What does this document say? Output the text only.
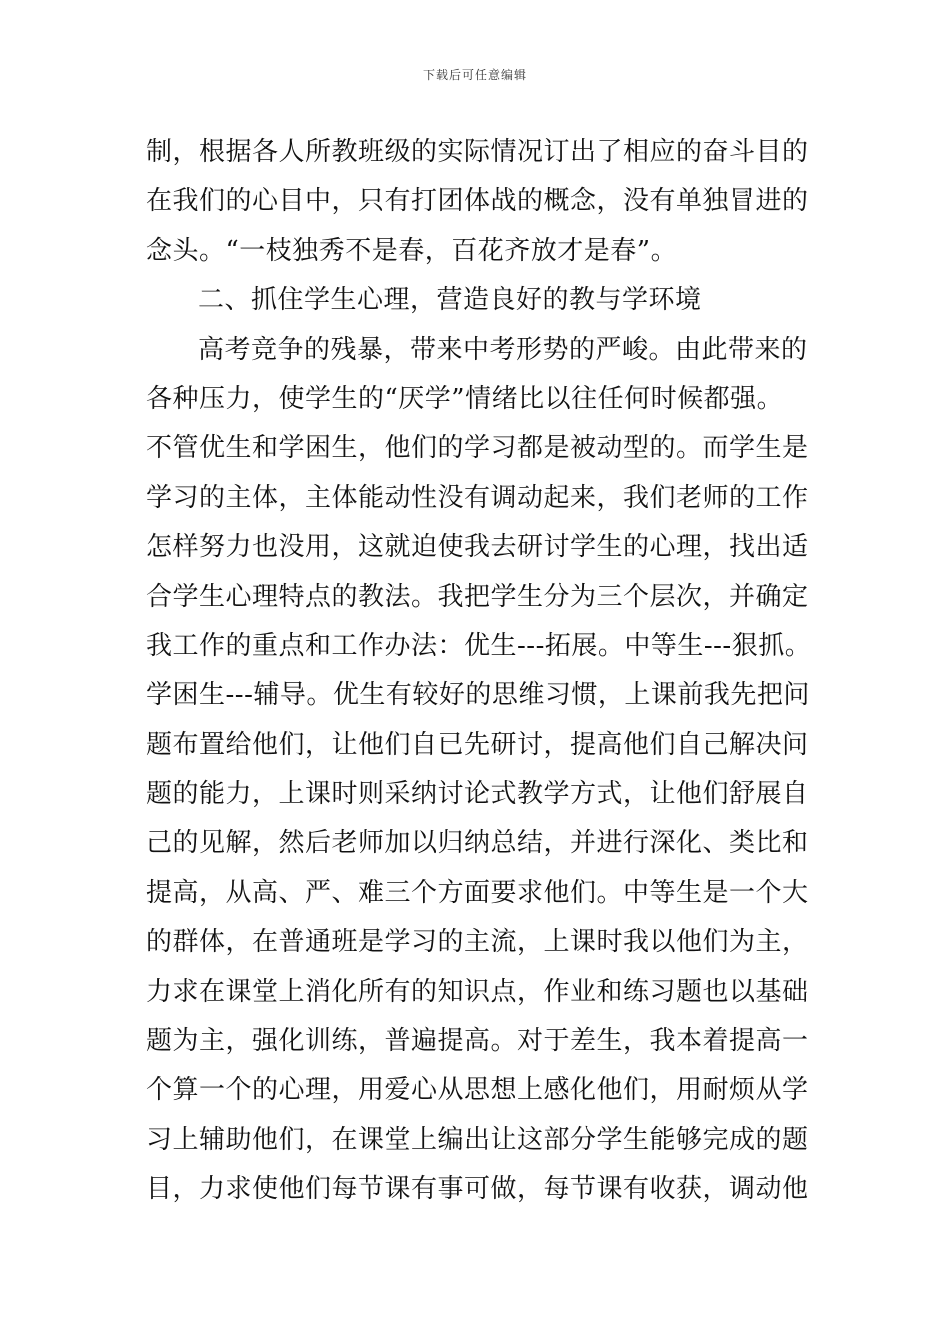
下载后可任意编辑
制，根据各人所教班级的实际情况订出了相应的奋斗目的
在我们的心目中，只有打团体战的概念，没有单独冒进的
念头。“一枝独秀不是春，百花齐放才是春”。
二、抓住学生心理，营造良好的教与学环境
高考竞争的残暴，带来中考形势的严峻。由此带来的
各种压力，使学生的“厌学”情绪比以往任何时候都强。
不管优生和学困生，他们的学习都是被动型的。而学生是
学习的主体，主体能动性没有调动起来，我们老师的工作
怎样努力也没用，这就迫使我去研讨学生的心理，找出适
合学生心理特点的教法。我把学生分为三个层次，并确定
我工作的重点和工作办法：优生---拓展。中等生---狠抓。
学困生---辅导。优生有较好的思维习惯，上课前我先把问
题布置给他们，让他们自已先研讨，提高他们自己解决问
题的能力，上课时则采纳讨论式教学方式，让他们舒展自
己的见解，然后老师加以归纳总结，并进行深化、类比和
提高，从高、严、难三个方面要求他们。中等生是一个大
的群体，在普通班是学习的主流，上课时我以他们为主，
力求在课堂上消化所有的知识点，作业和练习题也以基础
题为主，强化训练，普遍提高。对于差生，我本着提高一
个算一个的心理，用爱心从思想上感化他们，用耐烦从学
习上辅助他们，在课堂上编出让这部分学生能够完成的题
目，力求使他们每节课有事可做，每节课有收获，调动他
